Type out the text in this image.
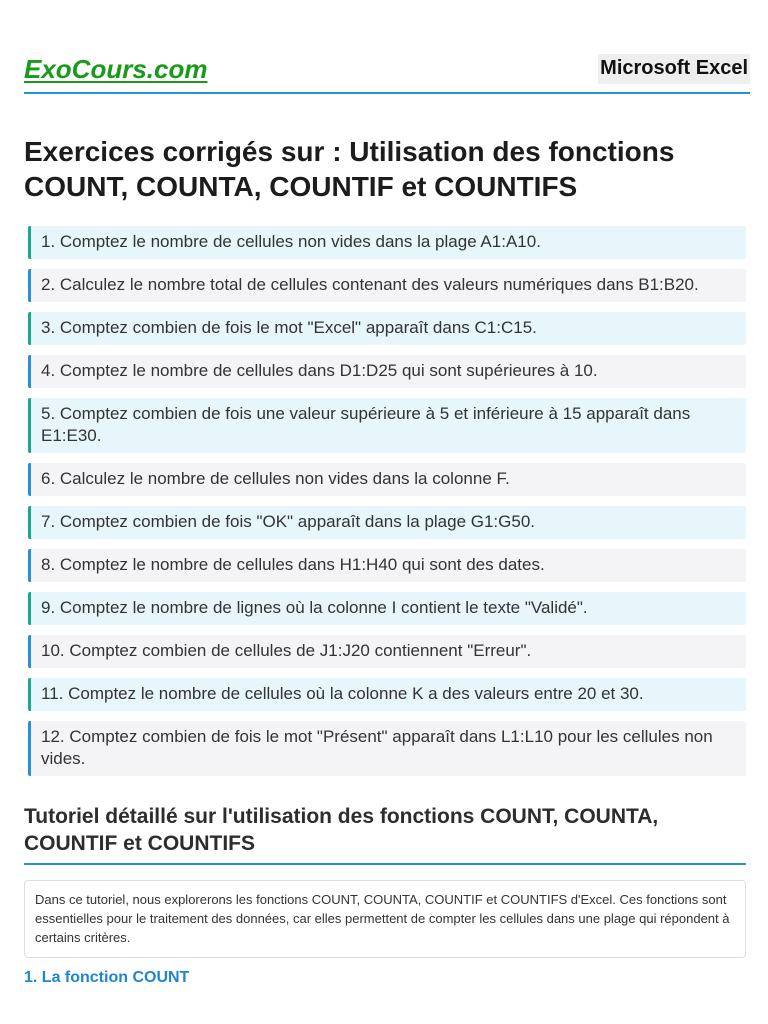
ExoCours.com	Microsoft Excel
Exercices corrigés sur : Utilisation des fonctions COUNT, COUNTA, COUNTIF et COUNTIFS
1. Comptez le nombre de cellules non vides dans la plage A1:A10.
2. Calculez le nombre total de cellules contenant des valeurs numériques dans B1:B20.
3. Comptez combien de fois le mot "Excel" apparaît dans C1:C15.
4. Comptez le nombre de cellules dans D1:D25 qui sont supérieures à 10.
5. Comptez combien de fois une valeur supérieure à 5 et inférieure à 15 apparaît dans E1:E30.
6. Calculez le nombre de cellules non vides dans la colonne F.
7. Comptez combien de fois "OK" apparaît dans la plage G1:G50.
8. Comptez le nombre de cellules dans H1:H40 qui sont des dates.
9. Comptez le nombre de lignes où la colonne I contient le texte "Validé".
10. Comptez combien de cellules de J1:J20 contiennent "Erreur".
11. Comptez le nombre de cellules où la colonne K a des valeurs entre 20 et 30.
12. Comptez combien de fois le mot "Présent" apparaît dans L1:L10 pour les cellules non vides.
Tutoriel détaillé sur l'utilisation des fonctions COUNT, COUNTA, COUNTIF et COUNTIFS
Dans ce tutoriel, nous explorerons les fonctions COUNT, COUNTA, COUNTIF et COUNTIFS d'Excel. Ces fonctions sont essentielles pour le traitement des données, car elles permettent de compter les cellules dans une plage qui répondent à certains critères.
1. La fonction COUNT
